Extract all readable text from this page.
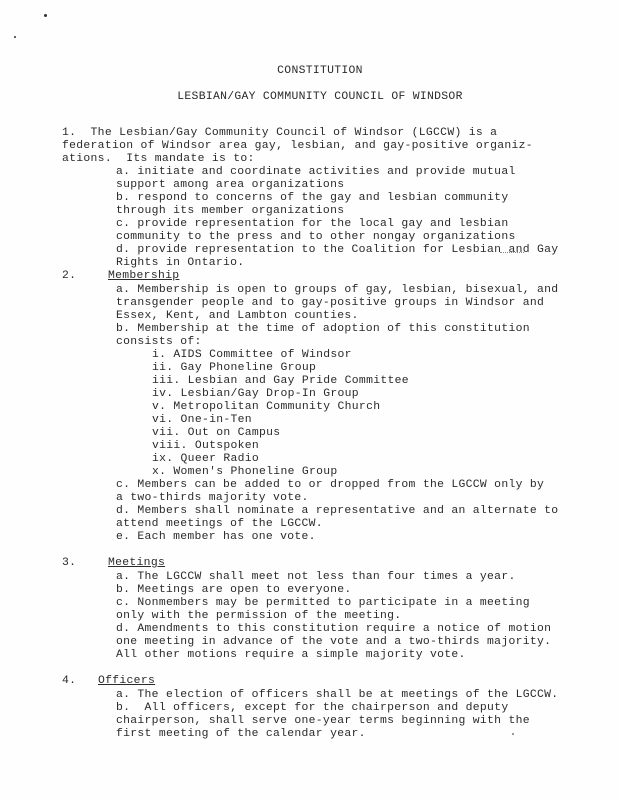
CONSTITUTION
LESBIAN/GAY COMMUNITY COUNCIL OF WINDSOR
1.  The Lesbian/Gay Community Council of Windsor (LGCCW) is a
federation of Windsor area gay, lesbian, and gay-positive organiz-
ations.  Its mandate is to:
a. initiate and coordinate activities and provide mutual
support among area organizations
b. respond to concerns of the gay and lesbian community
through its member organizations
c. provide representation for the local gay and lesbian
community to the press and to other nongay organizations
d. provide representation to the Coalition for Lesbian and Gay
Rights in Ontario.
2.	Membership
a. Membership is open to groups of gay, lesbian, bisexual, and
transgender people and to gay-positive groups in Windsor and
Essex, Kent, and Lambton counties.
b. Membership at the time of adoption of this constitution
consists of:
i. AIDS Committee of Windsor
ii. Gay Phoneline Group
iii. Lesbian and Gay Pride Committee
iv. Lesbian/Gay Drop-In Group
v. Metropolitan Community Church
vi. One-in-Ten
vii. Out on Campus
viii. Outspoken
ix. Queer Radio
x. Women's Phoneline Group
c. Members can be added to or dropped from the LGCCW only by
a two-thirds majority vote.
d. Members shall nominate a representative and an alternate to
attend meetings of the LGCCW.
e. Each member has one vote.
3.	Meetings
a. The LGCCW shall meet not less than four times a year.
b. Meetings are open to everyone.
c. Nonmembers may be permitted to participate in a meeting
only with the permission of the meeting.
d. Amendments to this constitution require a notice of motion
one meeting in advance of the vote and a two-thirds majority.
All other motions require a simple majority vote.
4. Officers
a. The election of officers shall be at meetings of the LGCCW.
b.  All officers, except for the chairperson and deputy
chairperson, shall serve one-year terms beginning with the
first meeting of the calendar year.
